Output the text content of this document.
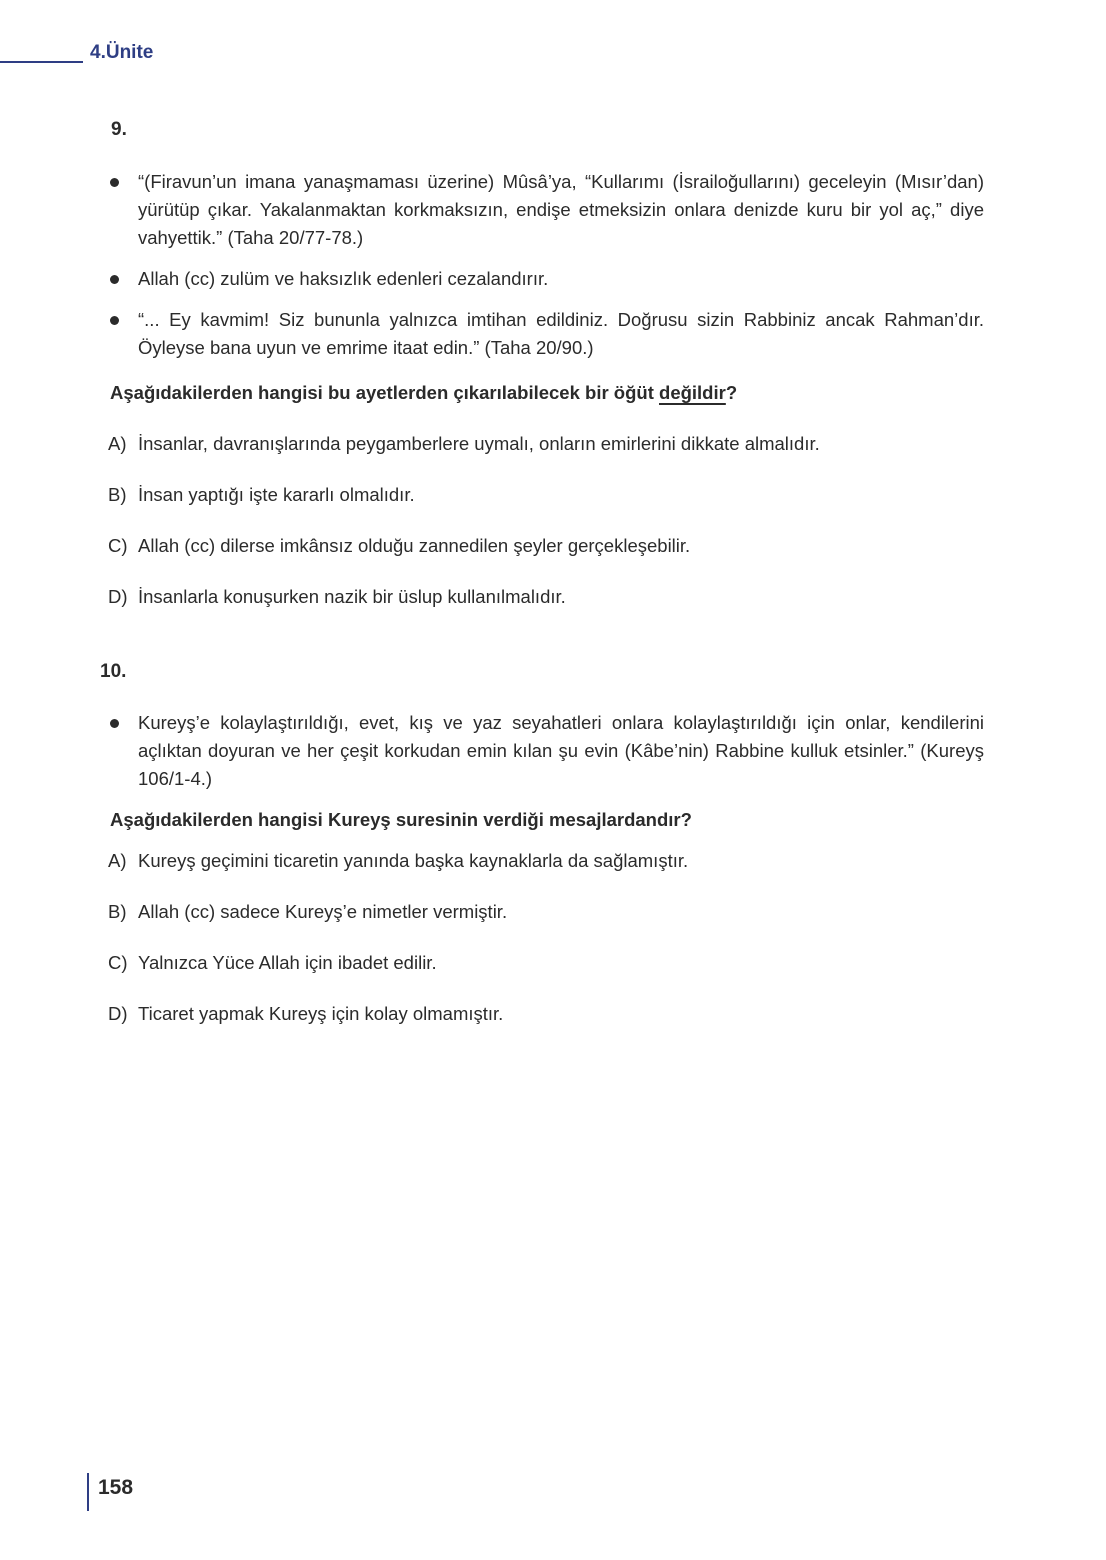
4.Ünite
9.
“(Firavun’un imana yanaşmaması üzerine) Mûsâ’ya, “Kullarımı (İsrailoğullarını) geceleyin (Mısır’dan) yürütüp çıkar. Yakalanmaktan korkmaksızın, endişe etmeksizin onlara denizde kuru bir yol aç,” diye vahyettik.” (Taha 20/77-78.)
Allah (cc) zulüm ve haksızlık edenleri cezalandırır.
“... Ey kavmim! Siz bununla yalnızca imtihan edildiniz. Doğrusu sizin Rabbiniz ancak Rahman’dır. Öyleyse bana uyun ve emrime itaat edin.” (Taha 20/90.)
Aşağıdakilerden hangisi bu ayetlerden çıkarılabilecek bir öğüt değildir?
A) İnsanlar, davranışlarında peygamberlere uymalı, onların emirlerini dikkate almalıdır.
B) İnsan yaptığı işte kararlı olmalıdır.
C) Allah (cc) dilerse imkânsız olduğu zannedilen şeyler gerçekleşebilir.
D) İnsanlarla konuşurken nazik bir üslup kullanılmalıdır.
10.
Kureyş’e kolaylaştırıldığı, evet, kış ve yaz seyahatleri onlara kolaylaştırıldığı için onlar, kendilerini açlıktan doyuran ve her çeşit korkudan emin kılan şu evin (Kâbe’nin) Rabbine kulluk etsinler.” (Kureyş 106/1-4.)
Aşağıdakilerden hangisi Kureyş suresinin verdiği mesajlardandır?
A) Kureyş geçimini ticaretin yanında başka kaynaklarla da sağlamıştır.
B) Allah (cc) sadece Kureyş’e nimetler vermiştir.
C) Yalnızca Yüce Allah için ibadet edilir.
D) Ticaret yapmak Kureyş için kolay olmamıştır.
158
